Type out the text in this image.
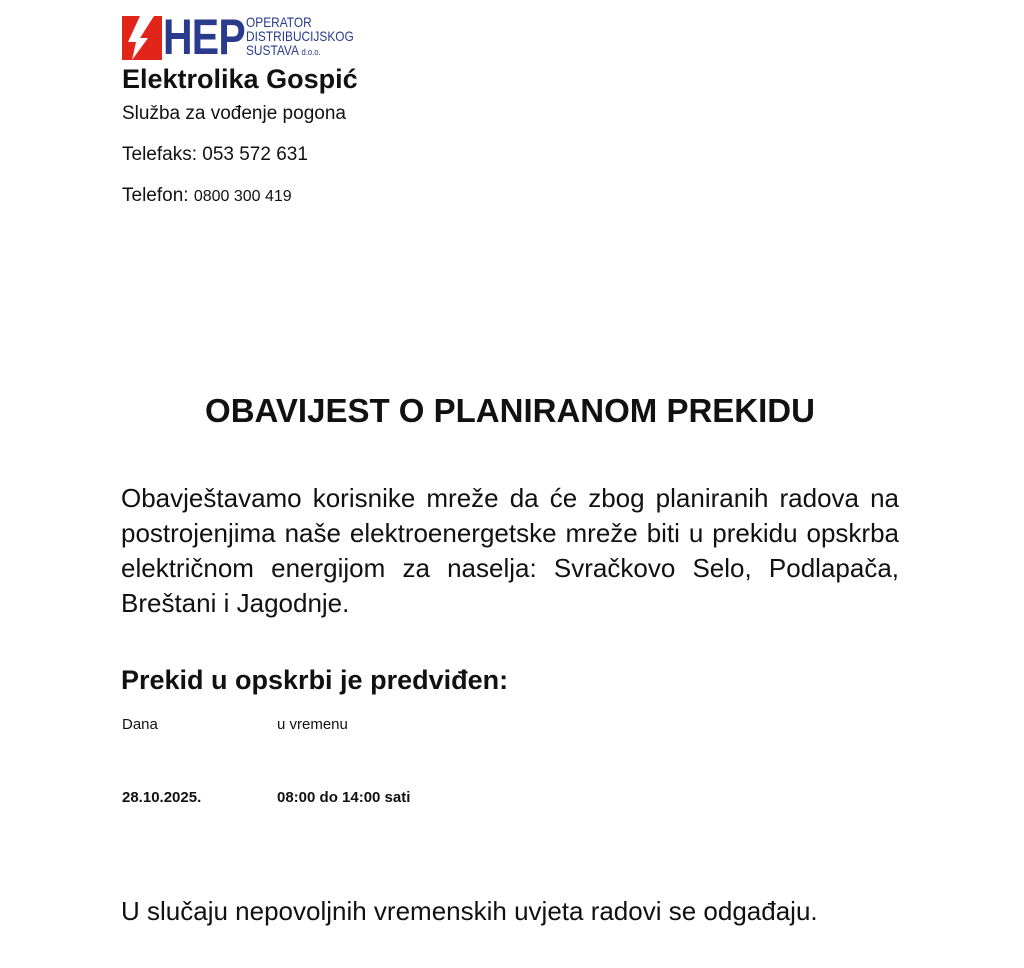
HEP OPERATOR
DISTRIBUCIJSKOG
SUSTAVA d.o.o.
Elektrolika Gospić

Služba za vođenje pogona

Telefaks: 053 572 631

Telefon: 0800 300 419

OBAVIJEST O PLANIRANOM PREKIDU

Obavještavamo korisnike mreže da će zbog planiranih radova na postrojenjima naše elektroenergetske mreže biti u prekidu opskrba električnom energijom za naselja: Svračkovo Selo, Podlapača, Breštani i Jagodnje.

Prekid u opskrbi je predviđen:

Dana	u vremenu

28.10.2025.	08:00 do 14:00 sati

U slučaju nepovoljnih vremenskih uvjeta radovi se odgađaju.
